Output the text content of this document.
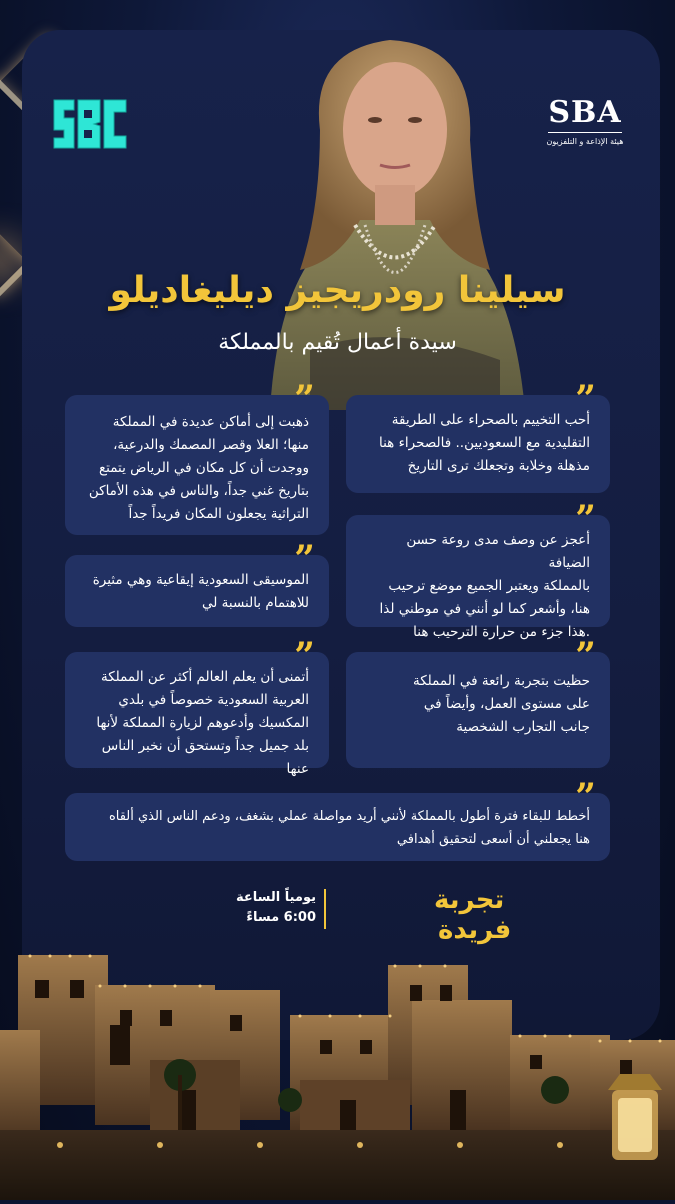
SBA
هيئة الإذاعة و التلفزيون
سيلينا رودريجيز ديليغاديلو
سيدة أعمال تُقيم بالمملكة
”

أحب التخييم بالصحراء على الطريقة

التقليدية مع السعوديين.. فالصحراء هنا

مذهلة وخلابة وتجعلك ترى التاريخ

”

ذهبت إلى أماكن عديدة في المملكة

منها؛ العلا وقصر المصمك والدرعية،

ووجدت أن كل مكان في الرياض يتمتع

بتاريخ غني جداً، والناس في هذه الأماكن

التراثية يجعلون المكان فريداً جداً	”

أعجز عن وصف مدى روعة حسن الضيافة

بالمملكة ويعتبر الجميع موضع ترحيب

هنا، وأشعر كما لو أنني في موطني لذا

.هذا جزء من حرارة الترحيب هنا

”

الموسيقى السعودية إيقاعية وهي مثيرة

للاهتمام بالنسبة لي

”

حظيت بتجربة رائعة في المملكة

على مستوى العمل، وأيضاً في

جانب التجارب الشخصية

”

أتمنى أن يعلم العالم أكثر عن المملكة

العربية السعودية خصوصاً في بلدي

المكسيك وأدعوهم لزيارة المملكة لأنها

بلد جميل جداً وتستحق أن نخبر الناس عنها

”

أخطط للبقاء فترة أطول بالمملكة لأنني أريد مواصلة عملي بشغف، ودعم الناس الذي ألقاه

هنا يجعلني أن أسعى لتحقيق أهدافي

يومياً الساعة
6:00 مساءً
تجربة
فريدة
